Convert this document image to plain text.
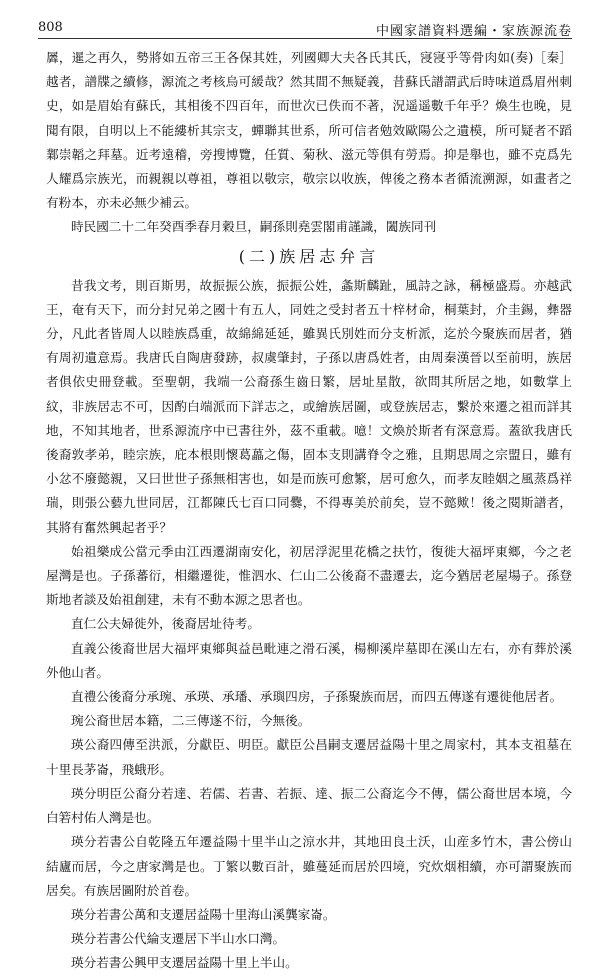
808	中國家譜資料選編・家族源流卷

羼，暹之再久，勢將如五帝三王各保其姓，列國卿大夫各氏其氏，寖寖乎等骨肉如(奏)［秦］越者，譜牒之續修，源流之考核烏可緩哉？然其間不無疑義，昔蘇氏譜謂武后時味道爲眉州刺史，如是眉始有蘇氏，其相後不四百年，而世次已佚而不著，況遥遥數千年乎？煥生也晚，見聞有限，自明以上不能縷析其宗支，蟬聯其世系，所可信者勉效歐陽公之遺模，所可疑者不蹈鄴崇韜之拜墓。近考遠稽，旁搜博覽，任質、菊秋、滋元等俱有勞焉。抑是舉也，雖不克爲先人耀爲宗族光，而親親以尊祖，尊祖以敬宗，敬宗以收族，俾後之務本者循流溯源，如畫者之有粉本，亦未必無少補云。

時民國二十二年癸酉季春月穀旦，嗣孫則堯雲閣甫謹識，闔族同刊

(二)族居志弁言

昔我文考，則百斯男，故振振公族，振振公姓，螽斯麟趾，風詩之詠，稱極盛焉。亦越武王，奄有天下，而分封兄弟之國十有五人，同姓之受封者五十梓材命，桐葉封，介圭錫，彝器分，凡此者皆周人以睦族爲重，故綿綿延延，雖異氏別姓而分支析派，迄於今聚族而居者，猶有周初遺意焉。我唐氏自陶唐發跡，叔虞肇封，子孫以唐爲姓者，由周秦漢晉以至前明，族居者俱依史冊登載。至聖朝，我端一公裔孫生齒日繁，居址星散，欲問其所居之地，如數掌上紋，非族居志不可，因酌白端派而下詳志之，或繪族居圖，或登族居志，繫於來遷之祖而詳其地，不知其地者，世系源流序中已書往外，茲不重載。噫！文煥於斯者有深意焉。蓋欲我唐氏後裔敦孝弟，睦宗族，庇本根則懷葛藟之傷，固本支則講脊令之雅，且期思周之宗盟日，雖有小忿不廢懿親，又曰世世子孫無相害也，如是而族可愈繁，居可愈久，而孝友睦姻之風蒸爲祥瑞，則張公藝九世同居，江都陳氏七百口同爨，不得專美於前矣，豈不懿歟！後之閱斯譜者，其將有奮然興起者乎？

始祖樂成公當元季由江西遷湖南安化，初居浮泥里花橋之扶竹，復徙大福坪東鄉，今之老屋灣是也。子孫蕃衍，相繼遷徙，惟泗水、仁山二公後裔不盡遷去，迄今猶居老屋場子。孫登斯地者談及始祖創建，未有不動本源之思者也。

直仁公夫婦徙外，後裔居址待考。

直義公後裔世居大福坪東鄉與益邑毗連之滑石溪，楊柳溪岸墓即在溪山左右，亦有葬於溪外他山者。

直禮公後裔分承琬、承瑛、承璠、承璵四房，子孫聚族而居，而四五傳遂有遷徙他居者。

琬公裔世居本籍，二三傳遂不衍，今無後。

瑛公裔四傳至洪派，分獻臣、明臣。獻臣公昌嗣支遷居益陽十里之周家村，其本支祖墓在十里長茅崙，飛蛾形。

瑛分明臣公裔分若達、若儒、若書、若振、達、振二公裔迄今不傳，儒公裔世居本境，今白箬村佑人灣是也。

瑛分若書公自乾隆五年遷益陽十里半山之涼水井，其地田良土沃，山産多竹木，書公傍山結廬而居，今之唐家灣是也。丁繁以數百計，雖蔓延而居於四境，究炊烟相續，亦可謂聚族而居矣。有族居圖附於首卷。

瑛分若書公萬和支遷居益陽十里海山溪龔家崙。

瑛分若書公代綸支遷居下半山水口灣。

瑛分若書公興甲支遷居益陽十里上半山。
